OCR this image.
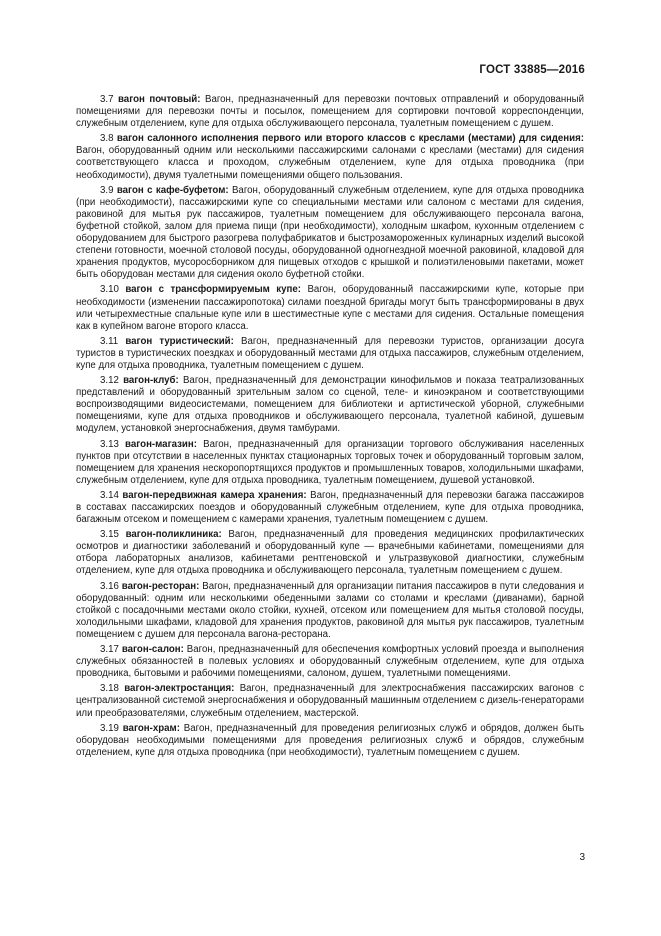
ГОСТ 33885—2016

3.7 вагон почтовый: Вагон, предназначенный для перевозки почтовых отправлений и оборудованный помещениями для перевозки почты и посылок, помещением для сортировки почтовой корреспонденции, служебным отделением, купе для отдыха обслуживающего персонала, туалетным помещением с душем.

3.8 вагон салонного исполнения первого или второго классов с креслами (местами) для сидения: Вагон, оборудованный одним или несколькими пассажирскими салонами с креслами (местами) для сидения соответствующего класса и проходом, служебным отделением, купе для отдыха проводника (при необходимости), двумя туалетными помещениями общего пользования.

3.9 вагон с кафе-буфетом: Вагон, оборудованный служебным отделением, купе для отдыха проводника (при необходимости), пассажирскими купе со специальными местами или салоном с местами для сидения, раковиной для мытья рук пассажиров, туалетным помещением для обслуживающего персонала вагона, буфетной стойкой, залом для приема пищи (при необходимости), холодным шкафом, кухонным отделением с оборудованием для быстрого разогрева полуфабрикатов и быстрозамороженных кулинарных изделий высокой степени готовности, моечной столовой посуды, оборудованной одногнездной моечной раковиной, кладовой для хранения продуктов, мусоросборником для пищевых отходов с крышкой и полиэтиленовыми пакетами, может быть оборудован местами для сидения около буфетной стойки.

3.10 вагон с трансформируемым купе: Вагон, оборудованный пассажирскими купе, которые при необходимости (изменении пассажиропотока) силами поездной бригады могут быть трансформированы в двух или четырехместные спальные купе или в шестиместные купе с местами для сидения. Остальные помещения как в купейном вагоне второго класса.

3.11 вагон туристический: Вагон, предназначенный для перевозки туристов, организации досуга туристов в туристических поездках и оборудованный местами для отдыха пассажиров, служебным отделением, купе для отдыха проводника, туалетным помещением с душем.

3.12 вагон-клуб: Вагон, предназначенный для демонстрации кинофильмов и показа театрализованных представлений и оборудованный зрительным залом со сценой, теле- и киноэкраном и соответствующими воспроизводящими видеосистемами, помещением для библиотеки и артистической уборной, служебными помещениями, купе для отдыха проводников и обслуживающего персонала, туалетной кабиной, душевым модулем, установкой энергоснабжения, двумя тамбурами.

3.13 вагон-магазин: Вагон, предназначенный для организации торгового обслуживания населенных пунктов при отсутствии в населенных пунктах стационарных торговых точек и оборудованный торговым залом, помещением для хранения нескоропортящихся продуктов и промышленных товаров, холодильными шкафами, служебным отделением, купе для отдыха проводника, туалетным помещением, душевой установкой.

3.14 вагон-передвижная камера хранения: Вагон, предназначенный для перевозки багажа пассажиров в составах пассажирских поездов и оборудованный служебным отделением, купе для отдыха проводника, багажным отсеком и помещением с камерами хранения, туалетным помещением с душем.

3.15 вагон-поликлиника: Вагон, предназначенный для проведения медицинских профилактических осмотров и диагностики заболеваний и оборудованный купе — врачебными кабинетами, помещениями для отбора лабораторных анализов, кабинетами рентгеновской и ультразвуковой диагностики, служебным отделением, купе для отдыха проводника и обслуживающего персонала, туалетным помещением с душем.

3.16 вагон-ресторан: Вагон, предназначенный для организации питания пассажиров в пути следования и оборудованный: одним или несколькими обеденными залами со столами и креслами (диванами), барной стойкой с посадочными местами около стойки, кухней, отсеком или помещением для мытья столовой посуды, холодильными шкафами, кладовой для хранения продуктов, раковиной для мытья рук пассажиров, туалетным помещением с душем для персонала вагона-ресторана.

3.17 вагон-салон: Вагон, предназначенный для обеспечения комфортных условий проезда и выполнения служебных обязанностей в полевых условиях и оборудованный служебным отделением, купе для отдыха проводника, бытовыми и рабочими помещениями, салоном, душем, туалетными помещениями.

3.18 вагон-электростанция: Вагон, предназначенный для электроснабжения пассажирских вагонов с централизованной системой энергоснабжения и оборудованный машинным отделением с дизель-генераторами или преобразователями, служебным отделением, мастерской.

3.19 вагон-храм: Вагон, предназначенный для проведения религиозных служб и обрядов, должен быть оборудован необходимыми помещениями для проведения религиозных служб и обрядов, служебным отделением, купе для отдыха проводника (при необходимости), туалетным помещением с душем.

3
